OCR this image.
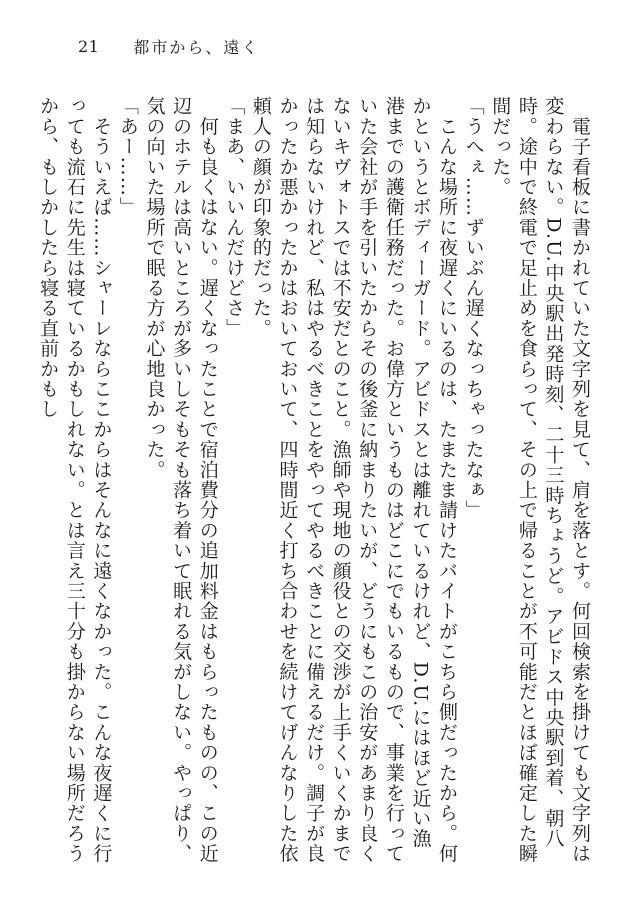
21 都市から、遠く

　電子看板に書かれていた文字列を見て、肩を落とす。何回検索を掛けても文字列は変わらない。D.U.中央駅出発時刻、二十三時ちょうど。アビドス中央駅到着、朝八時。途中で終電で足止めを食らって、その上で帰ることが不可能だとほぼ確定した瞬間だった。

「うへぇ……ずいぶん遅くなっちゃったなぁ」

　こんな場所に夜遅くにいるのは、たまたま請けたバイトがこちら側だったから。何かというとボディーガード。アビドスとは離れているけれど、D.U.にはほど近い漁港までの護衛任務だった。お偉方というものはどこにでもいるもので、事業を行っていた会社が手を引いたからその後釜に納まりたいが、どうにもこの治安があまり良くないキヴォトスでは不安だとのこと。漁師や現地の顔役との交渉が上手くいくかまでは知らないけれど、私はやるべきことをやってやるべきことに備えるだけ。調子が良かったか悪かったかはおいておいて、四時間近く打ち合わせを続けてげんなりした依頼人の顔が印象的だった。

「まあ、いいんだけどさ」

　何も良くはない。遅くなったことで宿泊費分の追加料金はもらったものの、この近辺のホテルは高いところが多いしそもそも落ち着いて眠れる気がしない。やっぱり、気の向いた場所で眠る方が心地良かった。

「あー……」

　そういえば……シャーレならここからはそんなに遠くなかった。こんな夜遅くに行っても流石に先生は寝ているかもしれない。とは言え三十分も掛からない場所だろうから、もしかしたら寝る直前かもし
